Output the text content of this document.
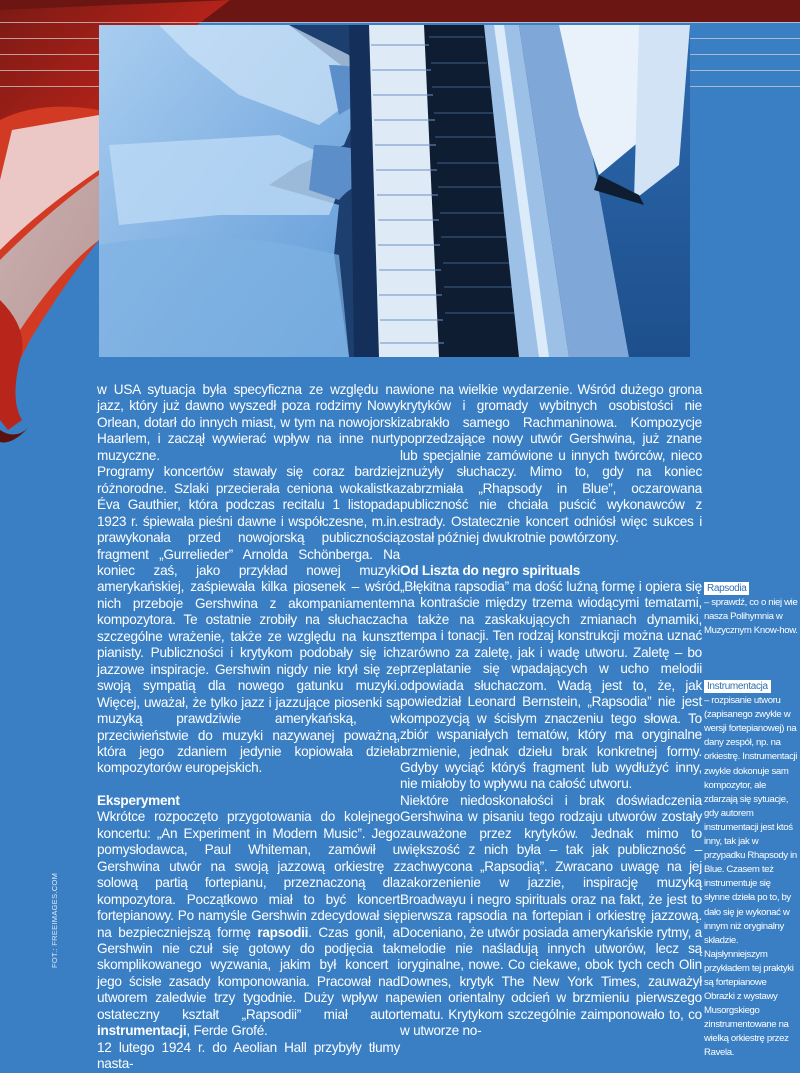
w USA sytuacja była specyficzna ze względu na jazz, który już dawno wyszedł poza rodzimy Nowy Orlean, dotarł do innych miast, w tym na nowojorski Haarlem, i zaczął wywierać wpływ na inne nurty muzyczne.

Programy koncertów stawały się coraz bardziej różnorodne. Szlaki przecierała ceniona wokalistka Éva Gauthier, która podczas recitalu 1 listopada 1923 r. śpiewała pieśni dawne i współczesne, m.in. prawykonała przed nowojorską publicznością fragment „Gurrelieder” Arnolda Schönberga. Na koniec zaś, jako przykład nowej muzyki amerykańskiej, zaśpiewała kilka piosenek – wśród nich przeboje Gershwina z akompaniamentem kompozytora. Te ostatnie zrobiły na słuchaczach szczególne wrażenie, także ze względu na kunszt pianisty. Publiczności i krytykom podobały się ich jazzowe inspiracje. Gershwin nigdy nie krył się ze swoją sympatią dla nowego gatunku muzyki. Więcej, uważał, że tylko jazz i jazzujące piosenki są muzyką prawdziwie amerykańską, w przeciwieństwie do muzyki nazywanej poważną, która jego zdaniem jedynie kopiowała dzieła kompozytorów europejskich.

Eksperyment

Wkrótce rozpoczęto przygotowania do kolejnego koncertu: „An Experiment in Modern Music”. Jego pomysłodawca, Paul Whiteman, zamówił u Gershwina utwór na swoją jazzową orkiestrę z solową partią fortepianu, przeznaczoną dla kompozytora. Początkowo miał to być koncert fortepianowy. Po namyśle Gershwin zdecydował się na bezpieczniejszą formę rapsodii. Czas gonił, a Gershwin nie czuł się gotowy do podjęcia tak skomplikowanego wyzwania, jakim był koncert i jego ścisłe zasady komponowania. Pracował nad utworem zaledwie trzy tygodnie. Duży wpływ na ostateczny kształt „Rapsodii” miał autor instrumentacji, Ferde Grofé.

12 lutego 1924 r. do Aeolian Hall przybyły tłumy nasta-

wione na wielkie wydarzenie. Wśród dużego grona krytyków i gromady wybitnych osobistości nie zabrakło samego Rachmaninowa. Kompozycje poprzedzające nowy utwór Gershwina, już znane lub specjalnie zamówione u innych twórców, nieco znużyły słuchaczy. Mimo to, gdy na koniec zabrzmiała „Rhapsody in Blue”, oczarowana publiczność nie chciała puścić wykonawców z estrady. Ostatecznie koncert odniósł więc sukces i został później dwukrotnie powtórzony.

Od Liszta do negro spirituals

„Błękitna rapsodia” ma dość luźną formę i opiera się na kontraście między trzema wiodącymi tematami, a także na zaskakujących zmianach dynamiki, tempa i tonacji. Ten rodzaj konstrukcji można uznać zarówno za zaletę, jak i wadę utworu. Zaletę – bo przeplatanie się wpadających w ucho melodii odpowiada słuchaczom. Wadą jest to, że, jak powiedział Leonard Bernstein, „Rapsodia” nie jest kompozycją w ścisłym znaczeniu tego słowa. To zbiór wspaniałych tematów, który ma oryginalne brzmienie, jednak dziełu brak konkretnej formy. Gdyby wyciąć któryś fragment lub wydłużyć inny, nie miałoby to wpływu na całość utworu.

Niektóre niedoskonałości i brak doświadczenia Gershwina w pisaniu tego rodzaju utworów zostały zauważone przez krytyków. Jednak mimo to większość z nich była – tak jak publiczność – zachwycona „Rapsodią”. Zwracano uwagę na jej zakorzenienie w jazzie, inspirację muzyką Broadwayu i negro spirituals oraz na fakt, że jest to pierwsza rapsodia na fortepian i orkiestrę jazzową. Doceniano, że utwór posiada amerykańskie rytmy, a melodie nie naśladują innych utworów, lecz są oryginalne, nowe. Co ciekawe, obok tych cech Olin Downes, krytyk The New York Times, zauważył pewien orientalny odcień w brzmieniu pierwszego tematu. Krytykom szczególnie zaimponowało to, co w utworze no-

Rapsodia
– sprawdź, co o niej wie nasza Polihymnia w Muzycznym Know-how.
Instrumentacja
– rozpisanie utworu (zapisanego zwykle w wersji fortepianowej) na dany zespół, np. na orkiestrę. Instrumentacji zwykle dokonuje sam kompozytor, ale zdarzają się sytuacje, gdy autorem instrumentacji jest ktoś inny, tak jak w przypadku Rhapsody in Blue. Czasem też instrumentuje się słynne dzieła po to, by dało się je wykonać w innym niż oryginalny składzie. Najsłynniejszym przykładem tej praktyki są fortepianowe Obrazki z wystawy Musorgskiego zinstrumentowane na wielką orkiestrę przez Ravela.
FOT.: FREEIMAGES.COM
